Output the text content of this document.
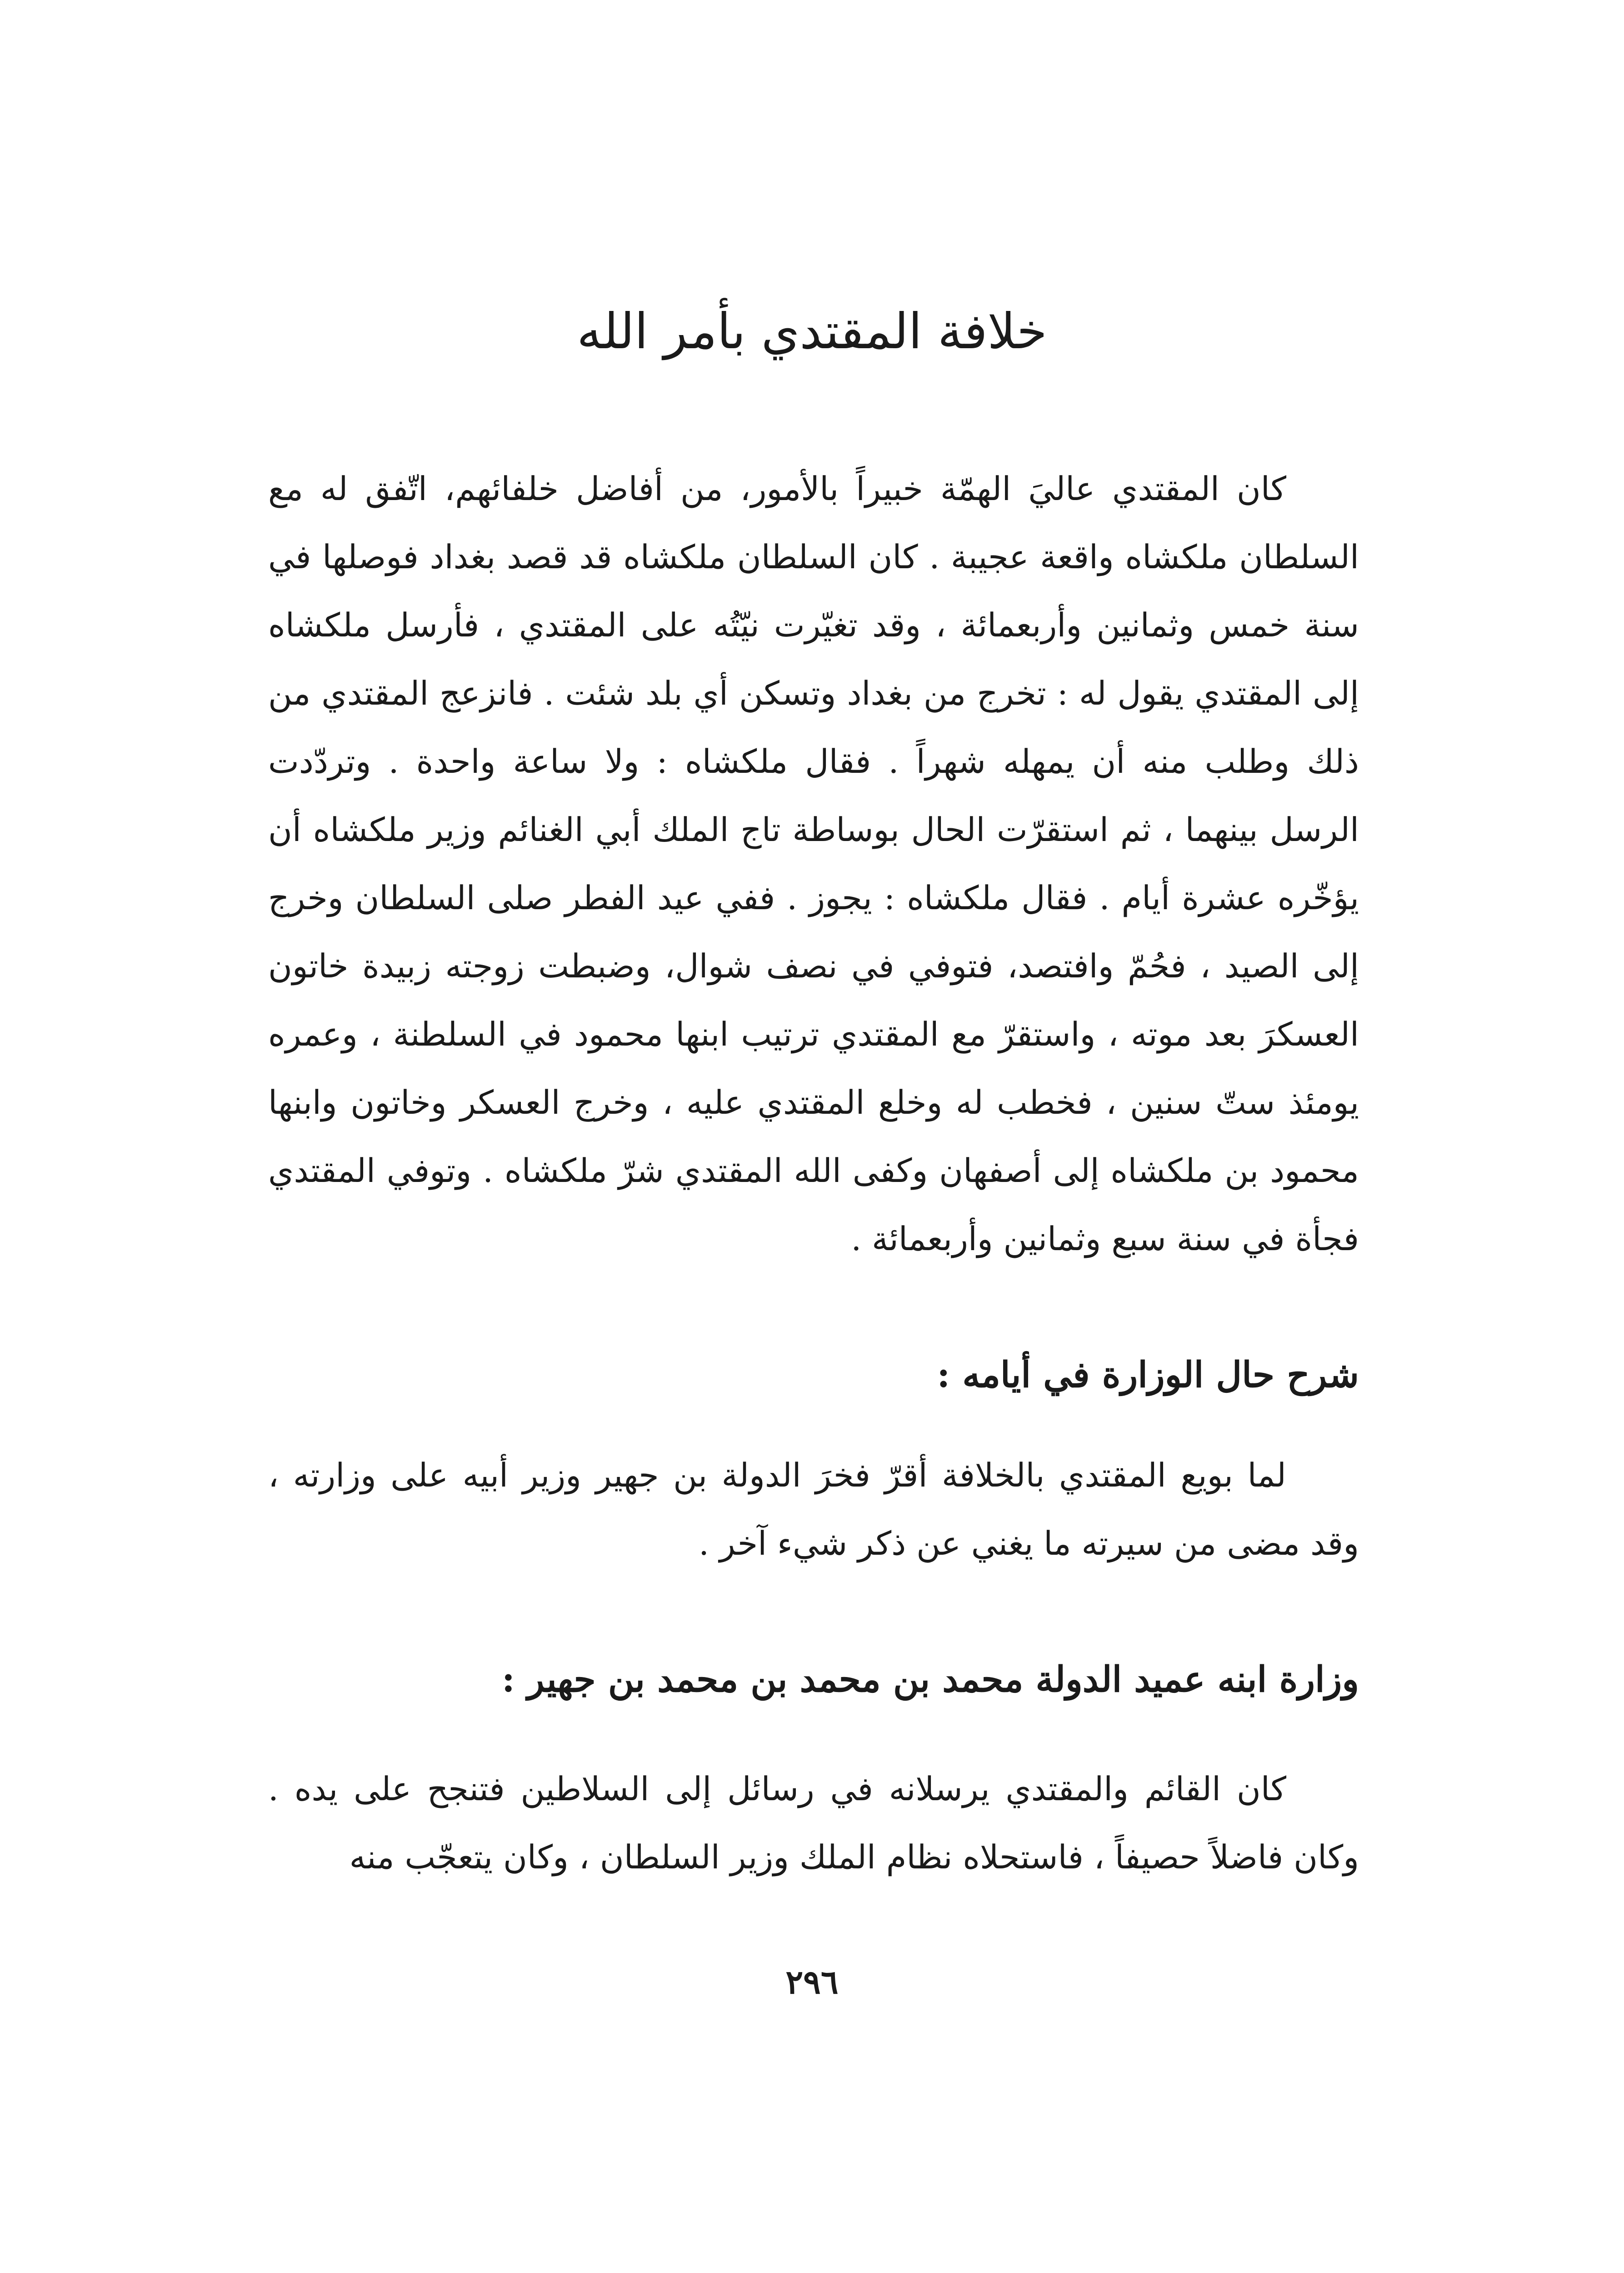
خلافة المقتدي بأمر الله

كان المقتدي عاليَ الهمّة خبيراً بالأمور، من أفاضل خلفائهم، اتّفق له مع السلطان ملكشاه واقعة عجيبة . كان السلطان ملكشاه قد قصد بغداد فوصلها في سنة خمس وثمانين وأربعمائة ، وقد تغيّرت نيّتُه على المقتدي ، فأرسل ملكشاه إلى المقتدي يقول له : تخرج من بغداد وتسكن أي بلد شئت . فانزعج المقتدي من ذلك وطلب منه أن يمهله شهراً . فقال ملكشاه : ولا ساعة واحدة . وتردّدت الرسل بينهما ، ثم استقرّت الحال بوساطة تاج الملك أبي الغنائم وزير ملكشاه أن يؤخّره عشرة أيام . فقال ملكشاه : يجوز . ففي عيد الفطر صلى السلطان وخرج إلى الصيد ، فحُمّ وافتصد، فتوفي في نصف شوال، وضبطت زوجته زبيدة خاتون العسكرَ بعد موته ، واستقرّ مع المقتدي ترتيب ابنها محمود في السلطنة ، وعمره يومئذ ستّ سنين ، فخطب له وخلع المقتدي عليه ، وخرج العسكر وخاتون وابنها محمود بن ملكشاه إلى أصفهان وكفى الله المقتدي شرّ ملكشاه . وتوفي المقتدي فجأة في سنة سبع وثمانين وأربعمائة .

شرح حال الوزارة في أيامه :

لما بويع المقتدي بالخلافة أقرّ فخرَ الدولة بن جهير وزير أبيه على وزارته ، وقد مضى من سيرته ما يغني عن ذكر شيء آخر .

وزارة ابنه عميد الدولة محمد بن محمد بن محمد بن جهير :

كان القائم والمقتدي يرسلانه في رسائل إلى السلاطين فتنجح على يده . وكان فاضلاً حصيفاً ، فاستحلاه نظام الملك وزير السلطان ، وكان يتعجّب منه

٢٩٦
